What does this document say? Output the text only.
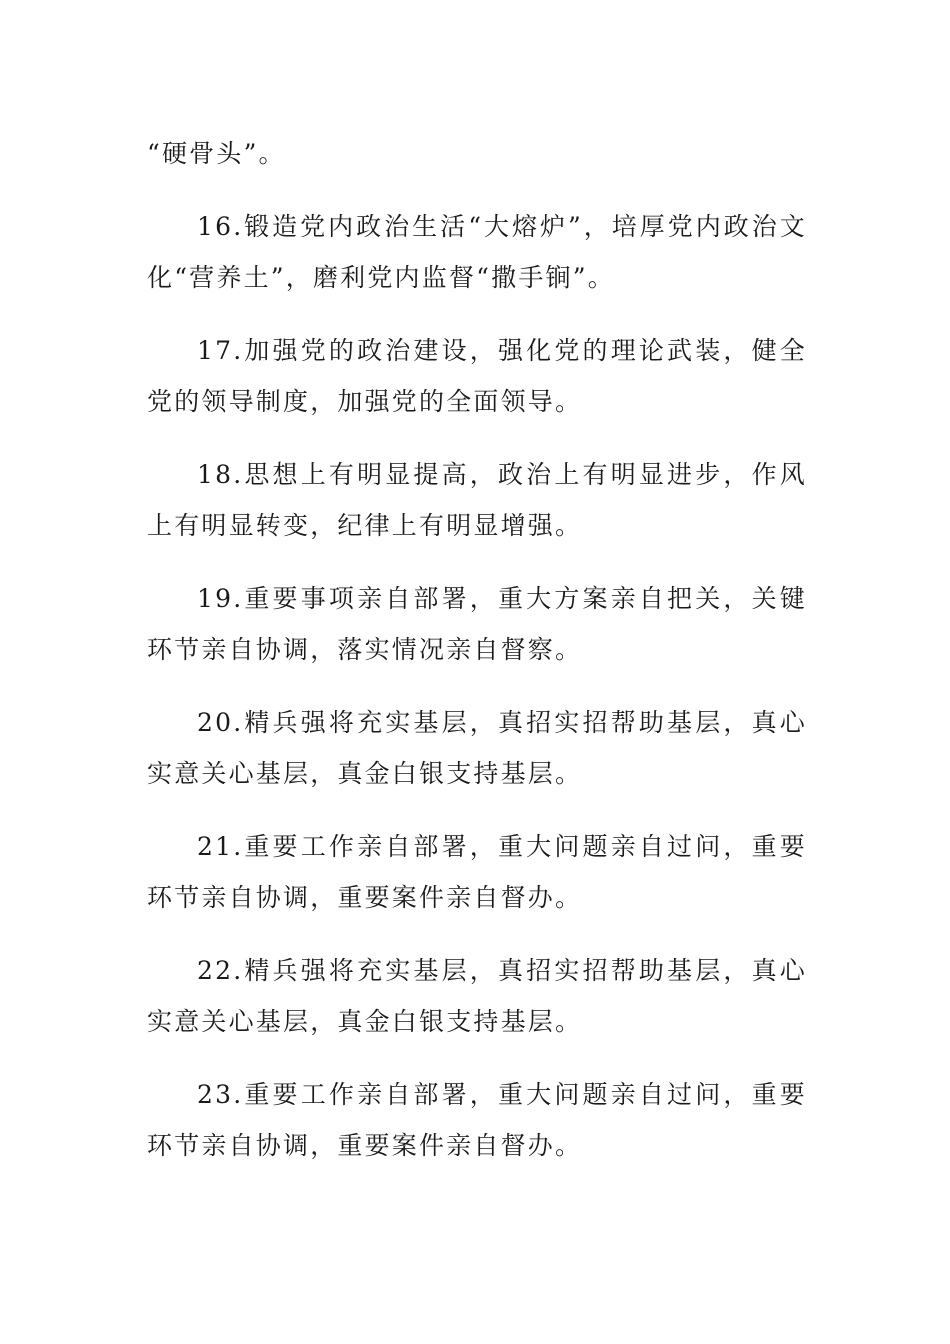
“硬骨头”。

16.锻造党内政治生活“大熔炉”，培厚党内政治文化“营养土”，磨利党内监督“撒手锏”。

17.加强党的政治建设，强化党的理论武装，健全党的领导制度，加强党的全面领导。

18.思想上有明显提高，政治上有明显进步，作风上有明显转变，纪律上有明显增强。

19.重要事项亲自部署，重大方案亲自把关，关键环节亲自协调，落实情况亲自督察。

20.精兵强将充实基层，真招实招帮助基层，真心实意关心基层，真金白银支持基层。

21.重要工作亲自部署，重大问题亲自过问，重要环节亲自协调，重要案件亲自督办。

22.精兵强将充实基层，真招实招帮助基层，真心实意关心基层，真金白银支持基层。

23.重要工作亲自部署，重大问题亲自过问，重要环节亲自协调，重要案件亲自督办。
